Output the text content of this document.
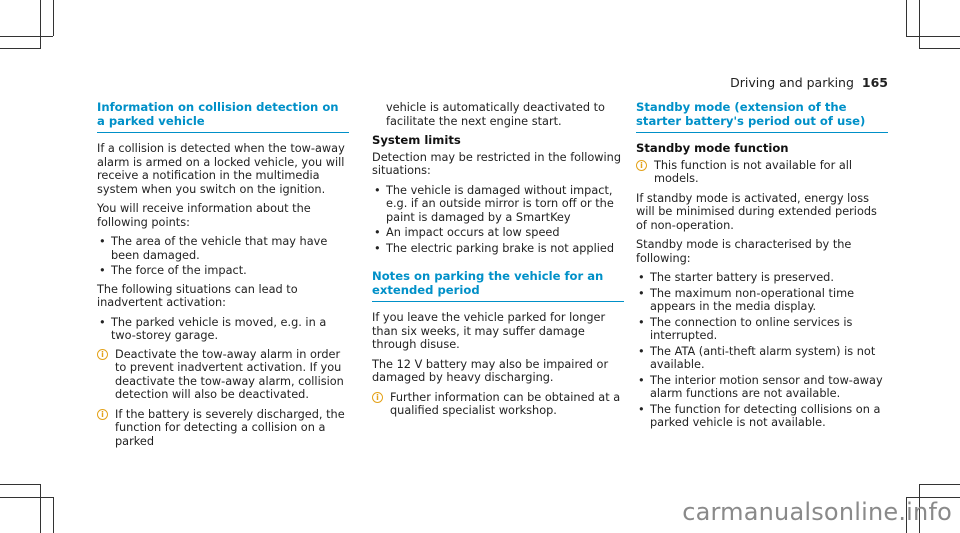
Driving and parking 165
Information on collision detection on a parked vehicle

If a collision is detected when the tow-away alarm is armed on a locked vehicle, you will receive a notification in the multimedia system when you switch on the ignition.

You will receive information about the following points:

• The area of the vehicle that may have been damaged.
• The force of the impact.

The following situations can lead to inadvertent activation:

• The parked vehicle is moved, e.g. in a two-storey garage.
i Deactivate the tow-away alarm in order to prevent inadvertent activation. If you deactivate the tow-away alarm, collision detection will also be deactivated.
i If the battery is severely discharged, the function for detecting a collision on a parked

vehicle is automatically deactivated to facilitate the next engine start.

System limits

Detection may be restricted in the following situations:

• The vehicle is damaged without impact, e.g. if an outside mirror is torn off or the paint is damaged by a SmartKey
• An impact occurs at low speed
• The electric parking brake is not applied
Notes on parking the vehicle for an extended period

If you leave the vehicle parked for longer than six weeks, it may suffer damage through disuse.

The 12 V battery may also be impaired or damaged by heavy discharging.

i Further information can be obtained at a qualified specialist workshop.
Standby mode (extension of the starter battery's period out of use)
Standby mode function
i This function is not available for all models.

If standby mode is activated, energy loss will be minimised during extended periods of non-operation.

Standby mode is characterised by the following:

• The starter battery is preserved.
• The maximum non-operational time appears in the media display.
• The connection to online services is interrupted.
• The ATA (anti-theft alarm system) is not available.
• The interior motion sensor and tow-away alarm functions are not available.
• The function for detecting collisions on a parked vehicle is not available.
carmanualsonline.info
